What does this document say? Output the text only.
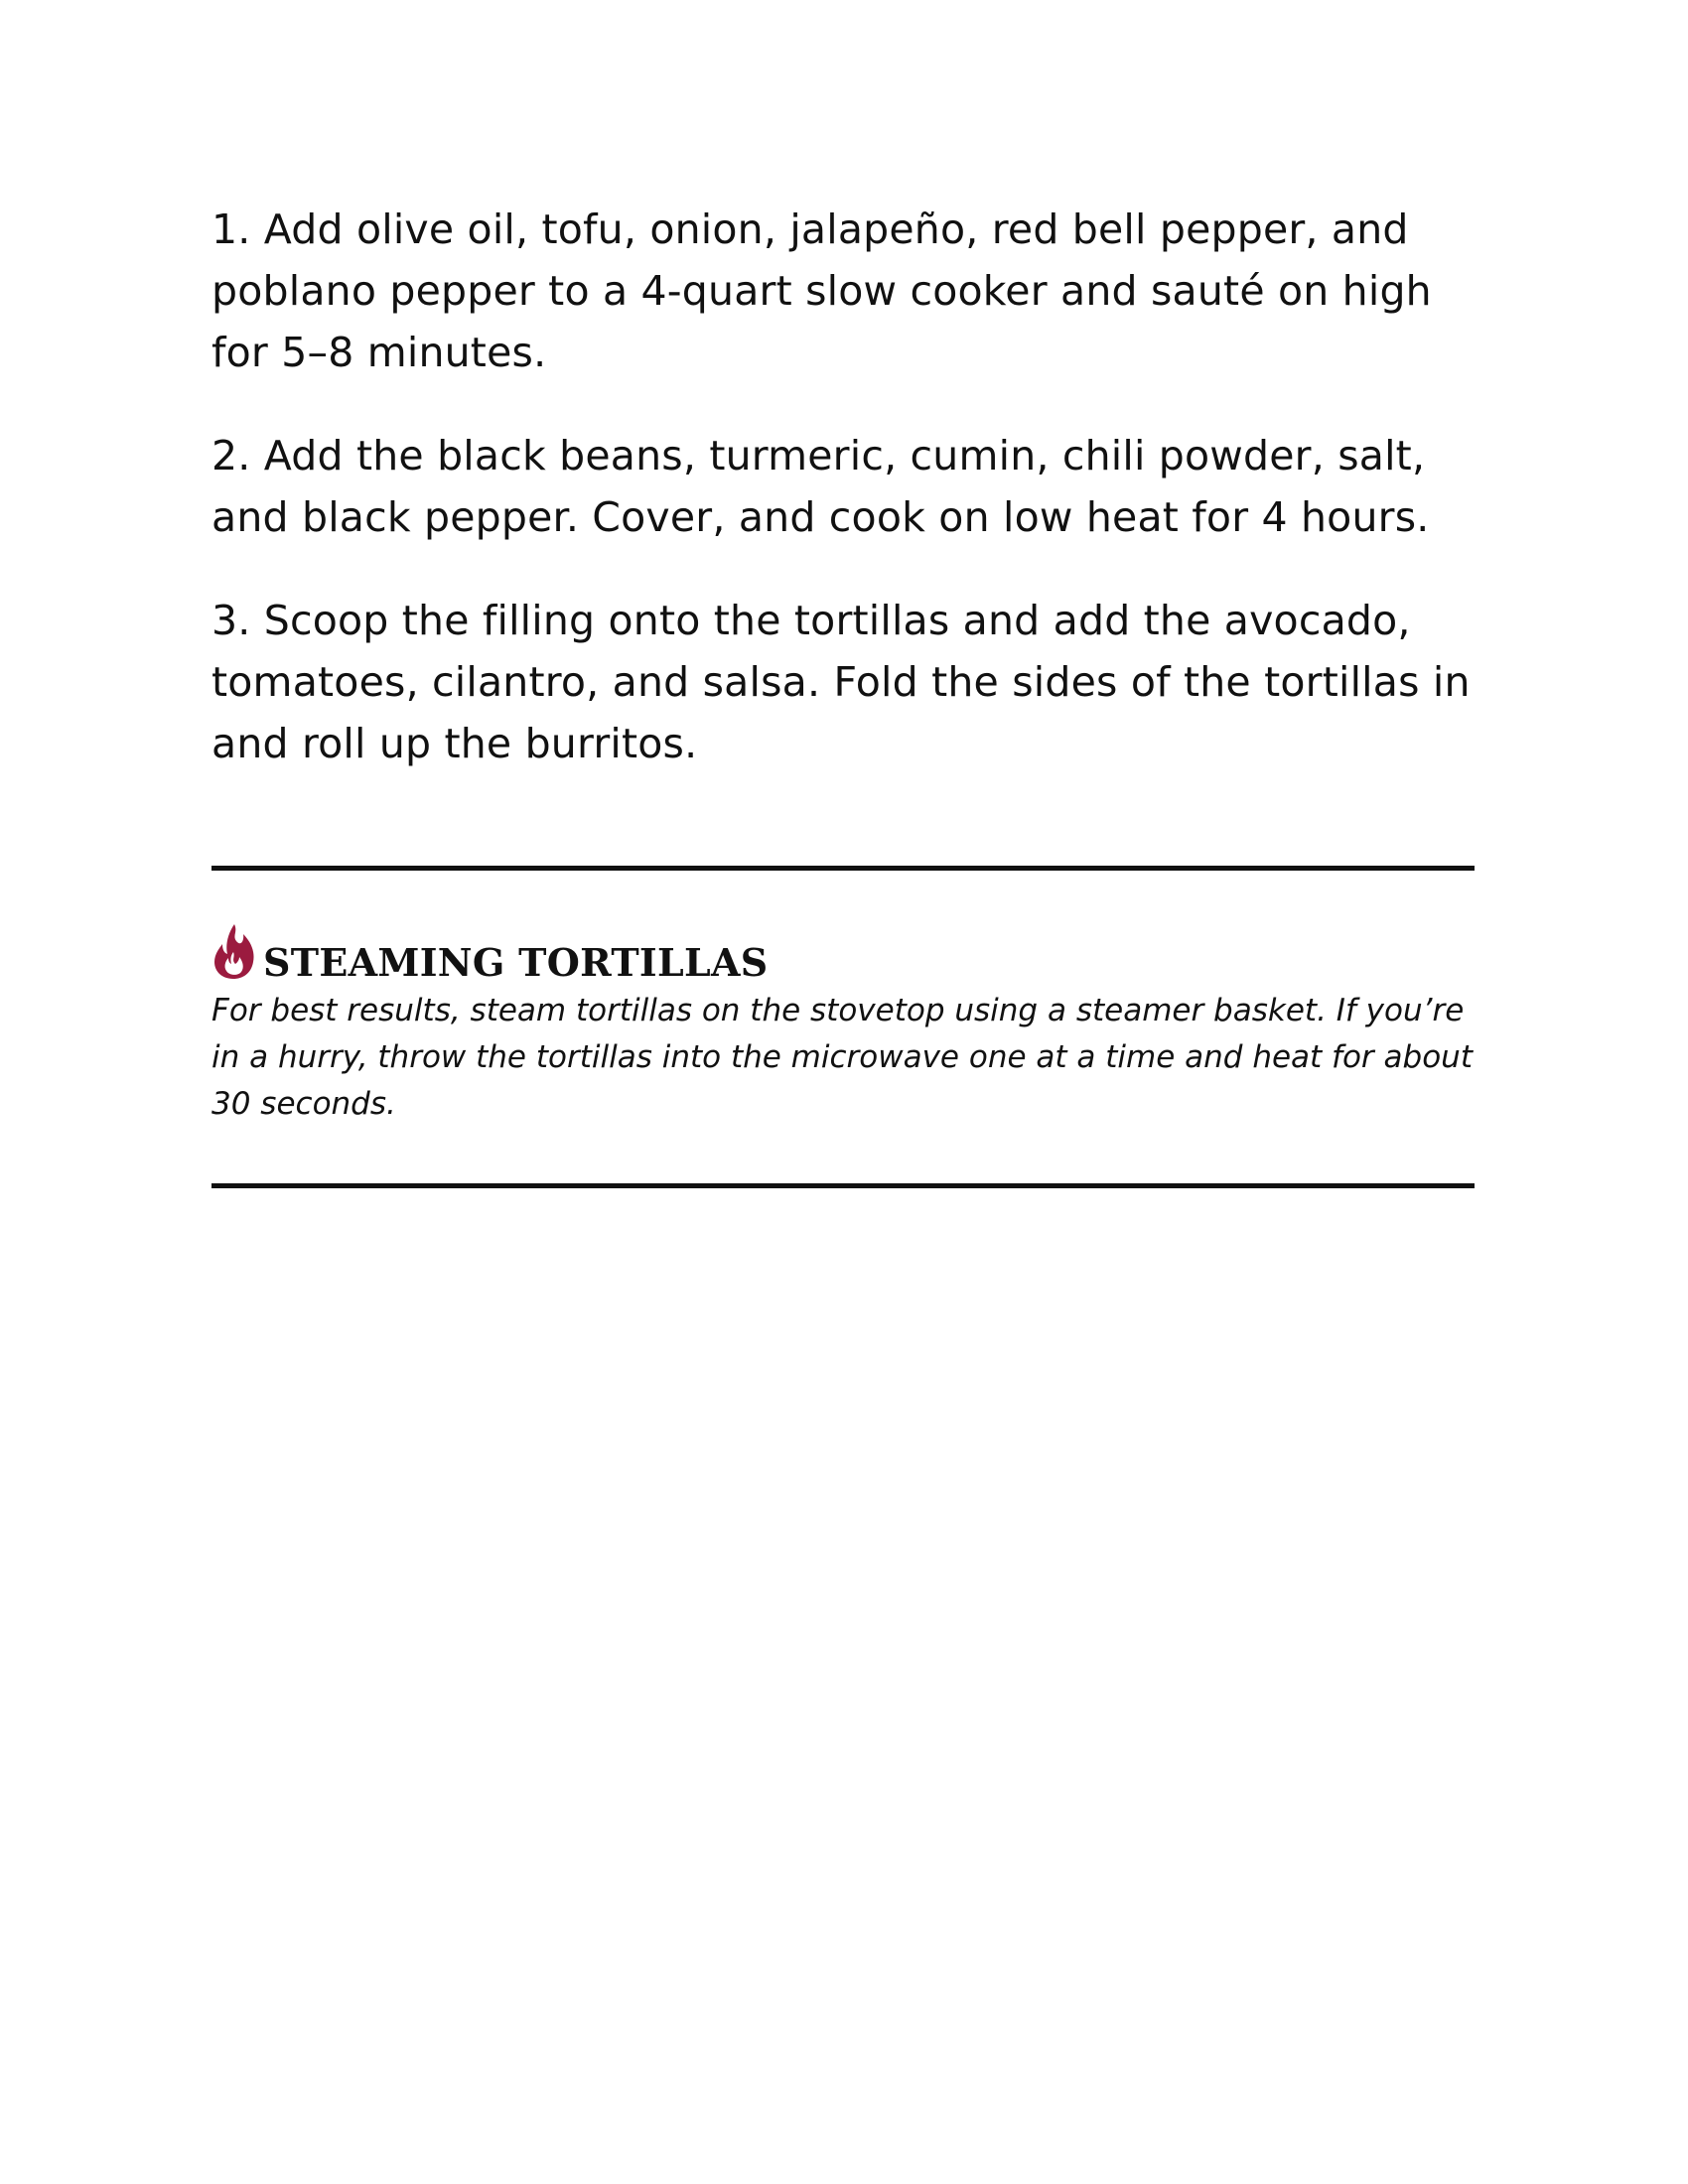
1. Add olive oil, tofu, onion, jalapeño, red bell pepper, and poblano pepper to a 4-quart slow cooker and sauté on high for 5–8 minutes.

2. Add the black beans, turmeric, cumin, chili powder, salt, and black pepper. Cover, and cook on low heat for 4 hours.

3. Scoop the filling onto the tortillas and add the avocado, tomatoes, cilantro, and salsa. Fold the sides of the tortillas in and roll up the burritos.

STEAMING TORTILLAS
For best results, steam tortillas on the stovetop using a steamer basket. If you’re in a hurry, throw the tortillas into the microwave one at a time and heat for about 30 seconds.
